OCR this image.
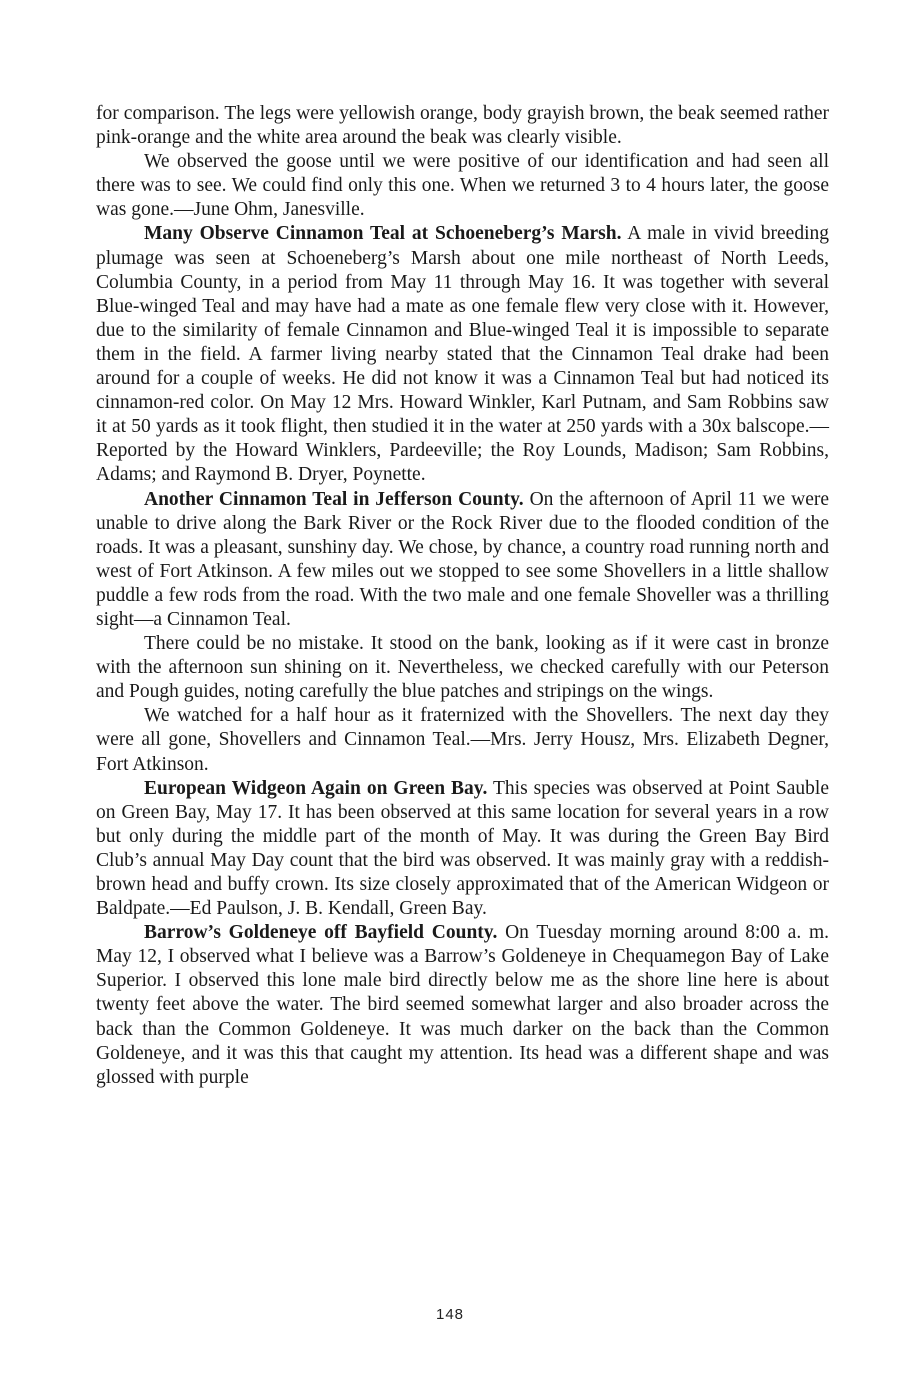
for comparison. The legs were yellowish orange, body grayish brown, the beak seemed rather pink-orange and the white area around the beak was clearly visible.

We observed the goose until we were positive of our identification and had seen all there was to see. We could find only this one. When we returned 3 to 4 hours later, the goose was gone.—June Ohm, Janesville.

Many Observe Cinnamon Teal at Schoeneberg’s Marsh. A male in vivid breeding plumage was seen at Schoeneberg’s Marsh about one mile northeast of North Leeds, Columbia County, in a period from May 11 through May 16. It was together with several Blue-winged Teal and may have had a mate as one female flew very close with it. However, due to the similarity of female Cinnamon and Blue-winged Teal it is impossible to separate them in the field. A farmer living nearby stated that the Cinnamon Teal drake had been around for a couple of weeks. He did not know it was a Cinnamon Teal but had noticed its cinnamon-red color. On May 12 Mrs. Howard Winkler, Karl Putnam, and Sam Robbins saw it at 50 yards as it took flight, then studied it in the water at 250 yards with a 30x balscope.—Reported by the Howard Winklers, Pardeeville; the Roy Lounds, Madison; Sam Robbins, Adams; and Raymond B. Dryer, Poynette.

Another Cinnamon Teal in Jefferson County. On the afternoon of April 11 we were unable to drive along the Bark River or the Rock River due to the flooded condition of the roads. It was a pleasant, sunshiny day. We chose, by chance, a country road running north and west of Fort Atkinson. A few miles out we stopped to see some Shovellers in a little shallow puddle a few rods from the road. With the two male and one female Shoveller was a thrilling sight—a Cinnamon Teal.

There could be no mistake. It stood on the bank, looking as if it were cast in bronze with the afternoon sun shining on it. Nevertheless, we checked carefully with our Peterson and Pough guides, noting carefully the blue patches and stripings on the wings.

We watched for a half hour as it fraternized with the Shovellers. The next day they were all gone, Shovellers and Cinnamon Teal.—Mrs. Jerry Housz, Mrs. Elizabeth Degner, Fort Atkinson.

European Widgeon Again on Green Bay. This species was observed at Point Sauble on Green Bay, May 17. It has been observed at this same location for several years in a row but only during the middle part of the month of May. It was during the Green Bay Bird Club’s annual May Day count that the bird was observed. It was mainly gray with a reddish-brown head and buffy crown. Its size closely approximated that of the American Widgeon or Baldpate.—Ed Paulson, J. B. Kendall, Green Bay.

Barrow’s Goldeneye off Bayfield County. On Tuesday morning around 8:00 a. m. May 12, I observed what I believe was a Barrow’s Goldeneye in Chequamegon Bay of Lake Superior. I observed this lone male bird directly below me as the shore line here is about twenty feet above the water. The bird seemed somewhat larger and also broader across the back than the Common Goldeneye. It was much darker on the back than the Common Goldeneye, and it was this that caught my attention. Its head was a different shape and was glossed with purple

148
